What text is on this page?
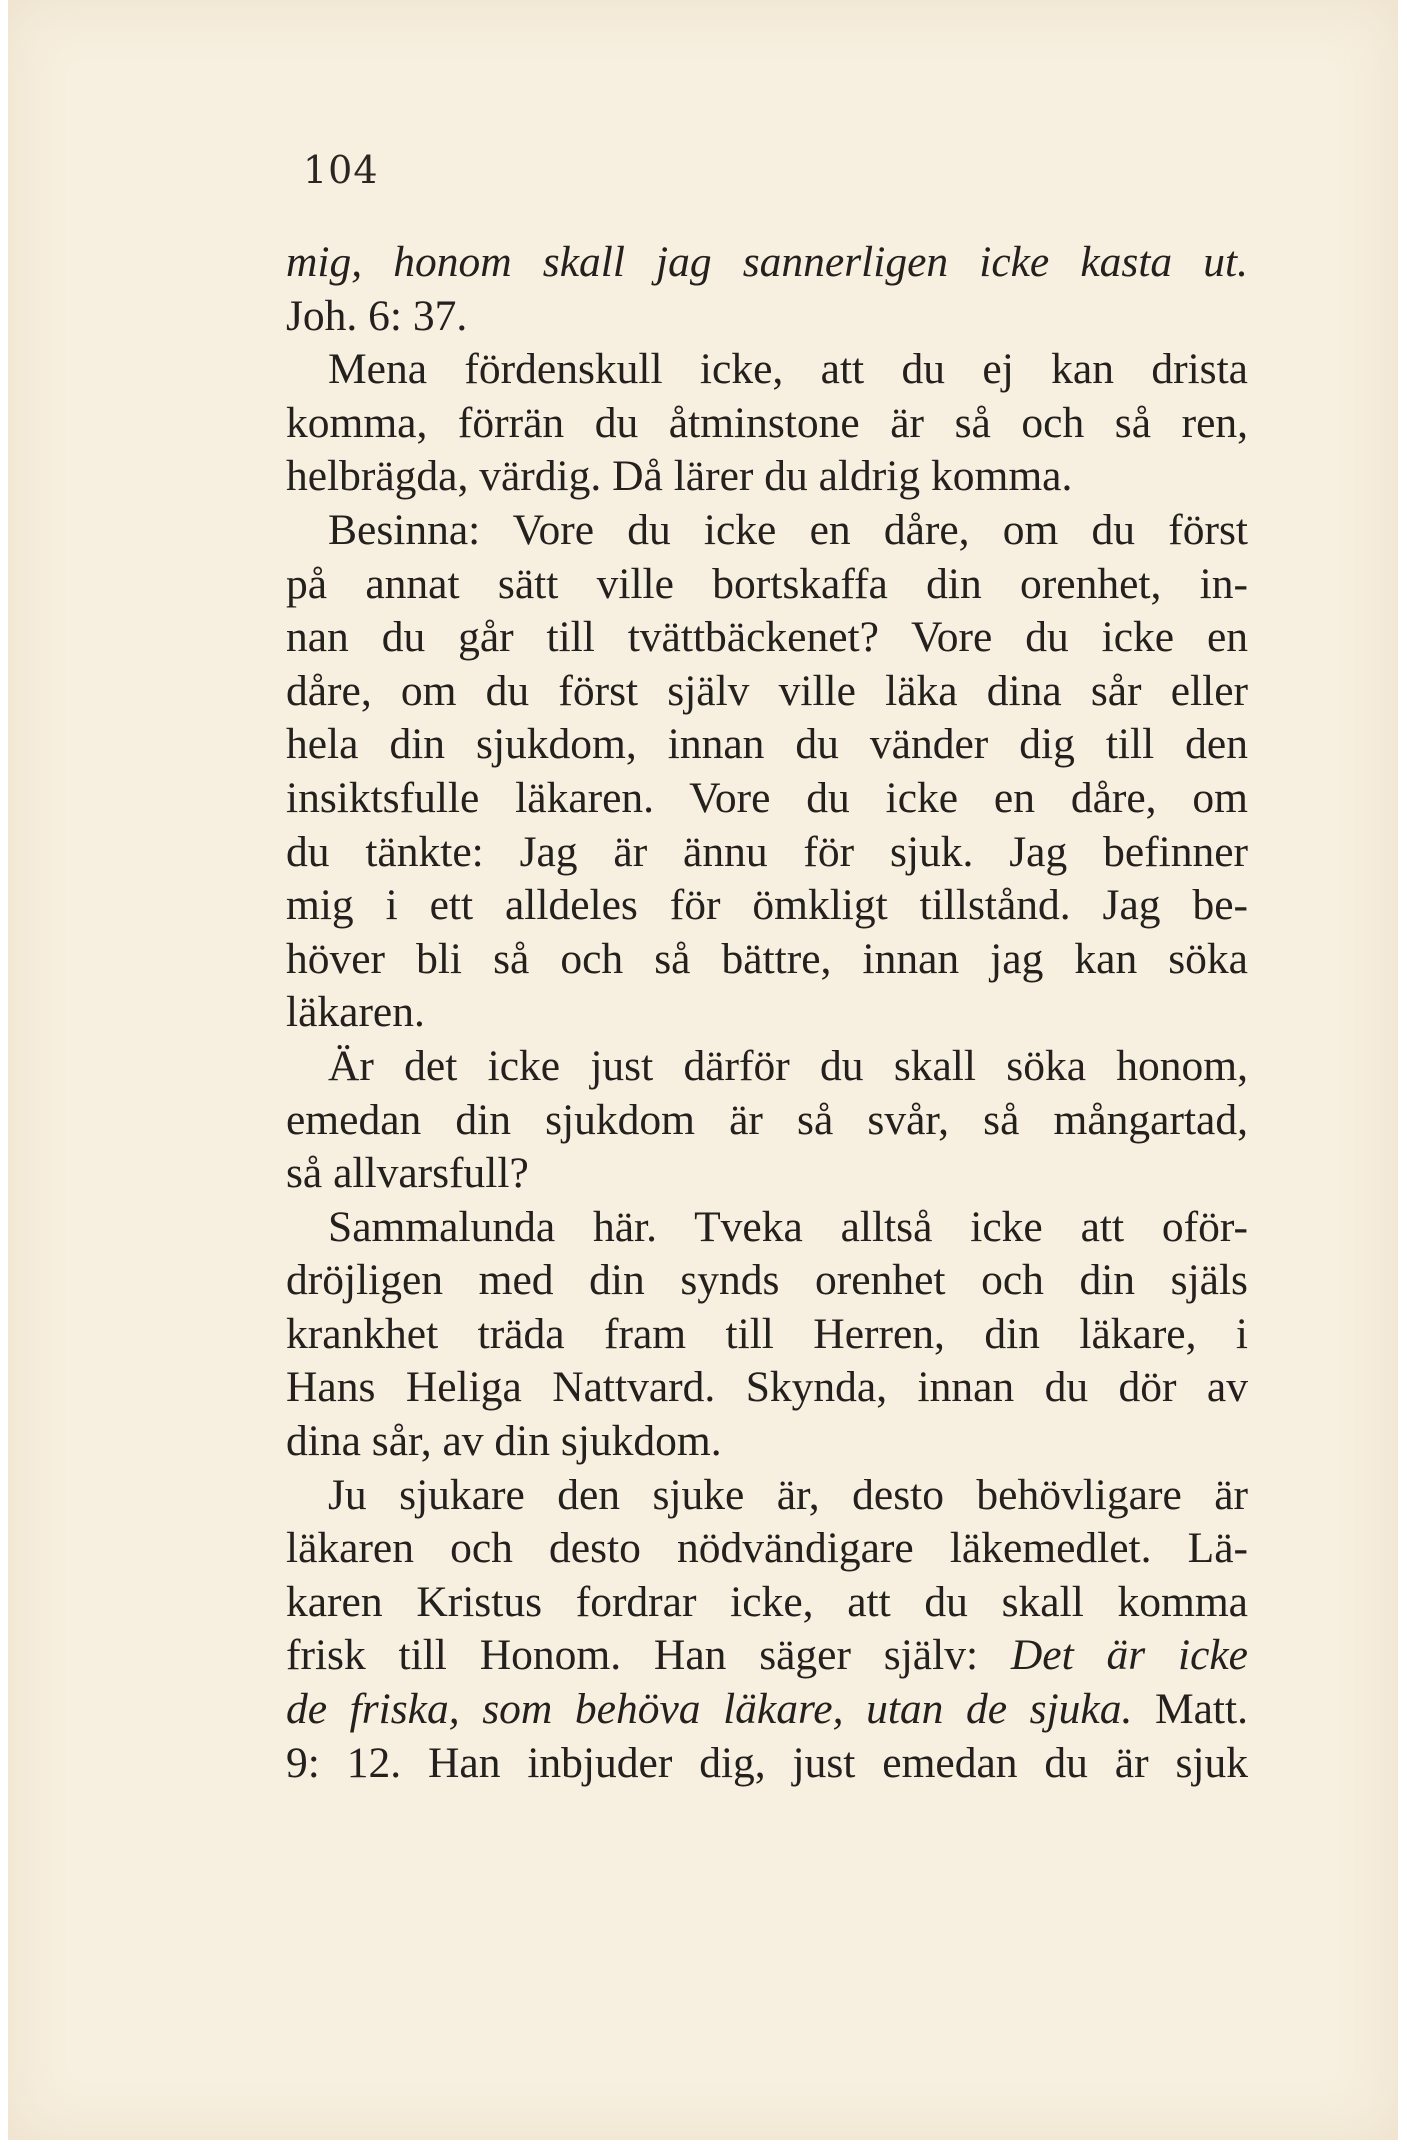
104
mig, honom skall jag sannerligen icke kasta ut.
Joh. 6: 37.
Mena fördenskull icke, att du ej kan drista
komma, förrän du åtminstone är så och så ren,
helbrägda, värdig. Då lärer du aldrig komma.
Besinna: Vore du icke en dåre, om du först
på annat sätt ville bortskaffa din orenhet, in-
nan du går till tvättbäckenet? Vore du icke en
dåre, om du först själv ville läka dina sår eller
hela din sjukdom, innan du vänder dig till den
insiktsfulle läkaren. Vore du icke en dåre, om
du tänkte: Jag är ännu för sjuk. Jag befinner
mig i ett alldeles för ömkligt tillstånd. Jag be-
höver bli så och så bättre, innan jag kan söka
läkaren.
Är det icke just därför du skall söka honom,
emedan din sjukdom är så svår, så mångartad,
så allvarsfull?
Sammalunda här. Tveka alltså icke att oför-
dröjligen med din synds orenhet och din själs
krankhet träda fram till Herren, din läkare, i
Hans Heliga Nattvard. Skynda, innan du dör av
dina sår, av din sjukdom.
Ju sjukare den sjuke är, desto behövligare är
läkaren och desto nödvändigare läkemedlet. Lä-
karen Kristus fordrar icke, att du skall komma
frisk till Honom. Han säger själv: Det är icke
de friska, som behöva läkare, utan de sjuka. Matt.
9: 12. Han inbjuder dig, just emedan du är sjuk
